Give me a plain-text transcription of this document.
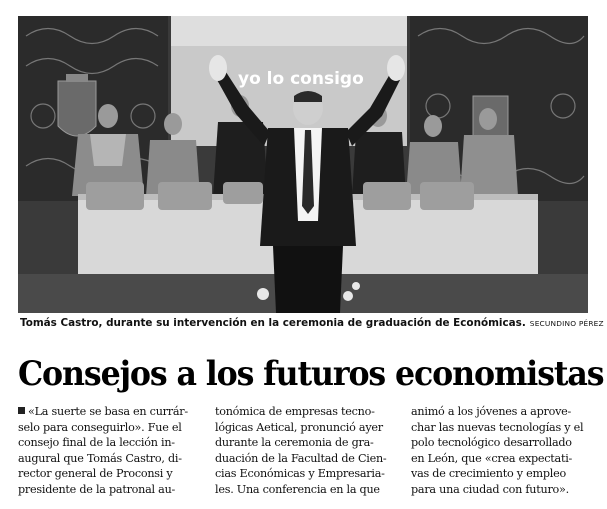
yo lo consigo
Tomás Castro, durante su intervención en la ceremonia de graduación de Económicas. SECUNDINO PÉREZ
Consejos a los futuros economistas
«La suerte se basa en currár-
selo para conseguirlo». Fue el
consejo final de la lección in-
augural que Tomás Castro, di-
rector general de Proconsi y
presidente de la patronal au-
tonómica de empresas tecno-
lógicas Aetical, pronunció ayer
durante la ceremonia de gra-
duación de la Facultad de Cien-
cias Económicas y Empresaria-
les. Una conferencia en la que
animó a los jóvenes a aprove-
char las nuevas tecnologías y el
polo tecnológico desarrollado
en León, que «crea expectati-
vas de crecimiento y empleo
para una ciudad con futuro».
